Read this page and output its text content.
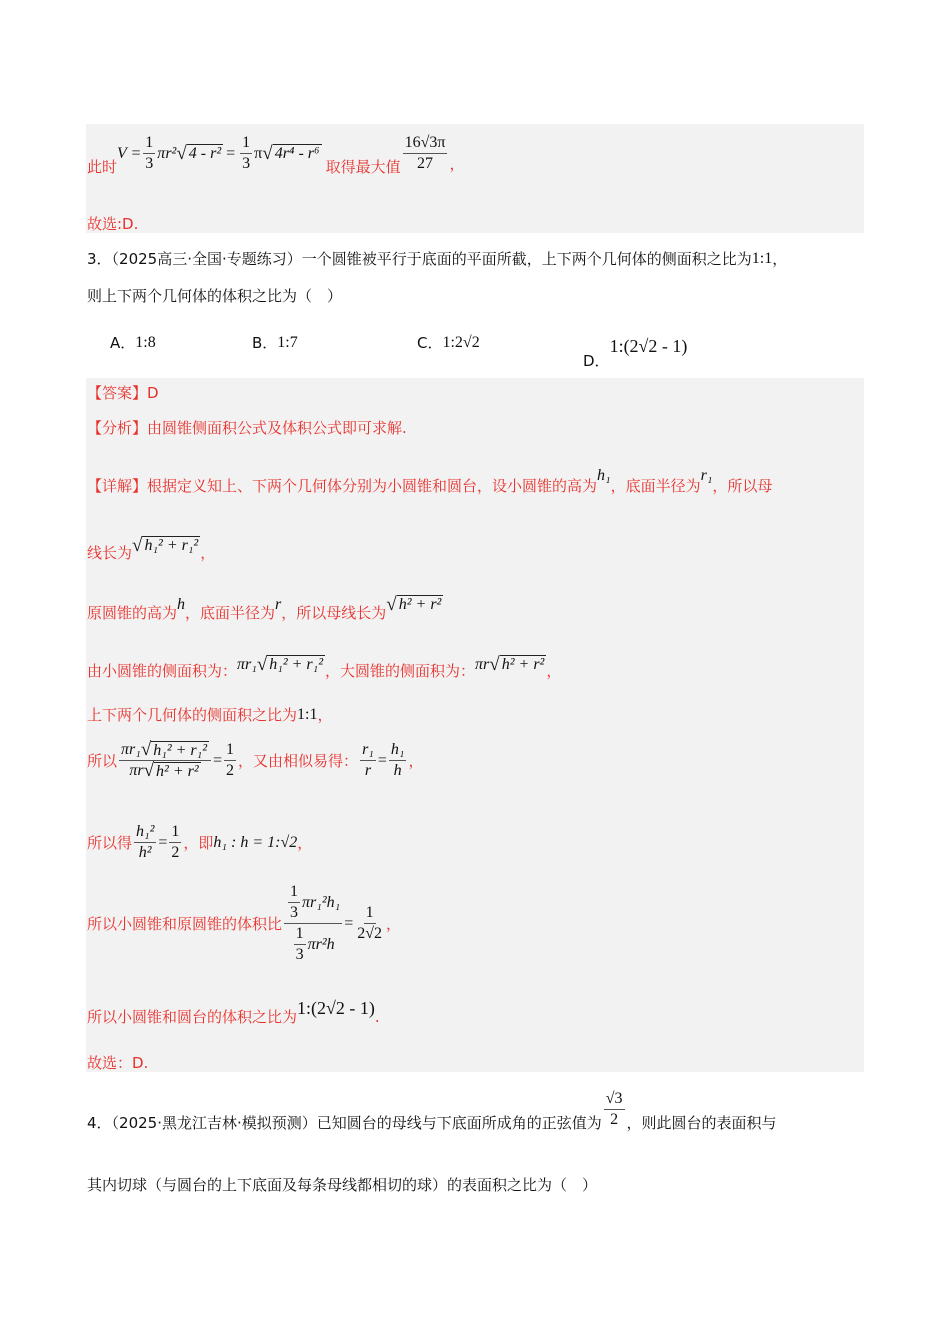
此时
$V = \frac{1}{3} \pi r^2$ √ $4 - r^2 = \frac{1}{3}$ π √ 4r⁴ - r⁶
取得最大值 $\frac{16√3\pi}{27}$ ，
故选:D.
3．（2025高三·全国·专题练习）一个圆锥被平行于底面的平面所截，上下两个几何体的侧面积之比为 1:1 ，
则上下两个几何体的体积之比为（　）
A． 1:8	B． 1:7	C． 1:2√2
D．
1:(2√2 - 1)
【答案】D
【分析】 由圆锥侧面积公式及体积公式即可求解.
【详解】 根据定义知上、下两个几何体分别为小圆锥和圆台，设小圆锥的高为
h₁
，底面半径为
r₁
，所以母
线长为 √ h₁² + r₁² ，
原圆锥的高为 h ，底面半径为 r ，所以母线长为 √ h² + r²
由小圆锥的侧面积为： πr₁ √ h₁² + r₁² ，大圆锥的侧面积为： πr √ h² + r² ，
上下两个几何体的侧面积之比为 1:1 ，
所以 $\frac{\text{πr₁ √ h₁² + r₁²}}{\text{πr √ h² + r²}} = \frac{1}{2}$ ，又由相似易得： $\frac{\text{r₁}}{r} = \frac{\text{h₁}}{h}$ ，
所以得 $\frac{\text{h₁²}}{\text{h²}} = \frac{1}{2}$ ，即 h₁ : h = 1:√2 ，
所以小圆锥和原圆锥的体积比 $\frac{\frac{1}{3} \pi r_1^2h_1}{\frac{1}{3} \pi r^2h} = \frac{1}{2√2}$ ，
所以小圆锥和圆台的体积之比为 1:(2√2 - 1) .
故选：D.
4．（2025·黑龙江吉林·模拟预测）已知圆台的母线与下底面所成角的正弦值为 $\frac{√3}{2}$ ，则此圆台的表面积与
其内切球（与圆台的上下底面及每条母线都相切的球）的表面积之比为（　）
